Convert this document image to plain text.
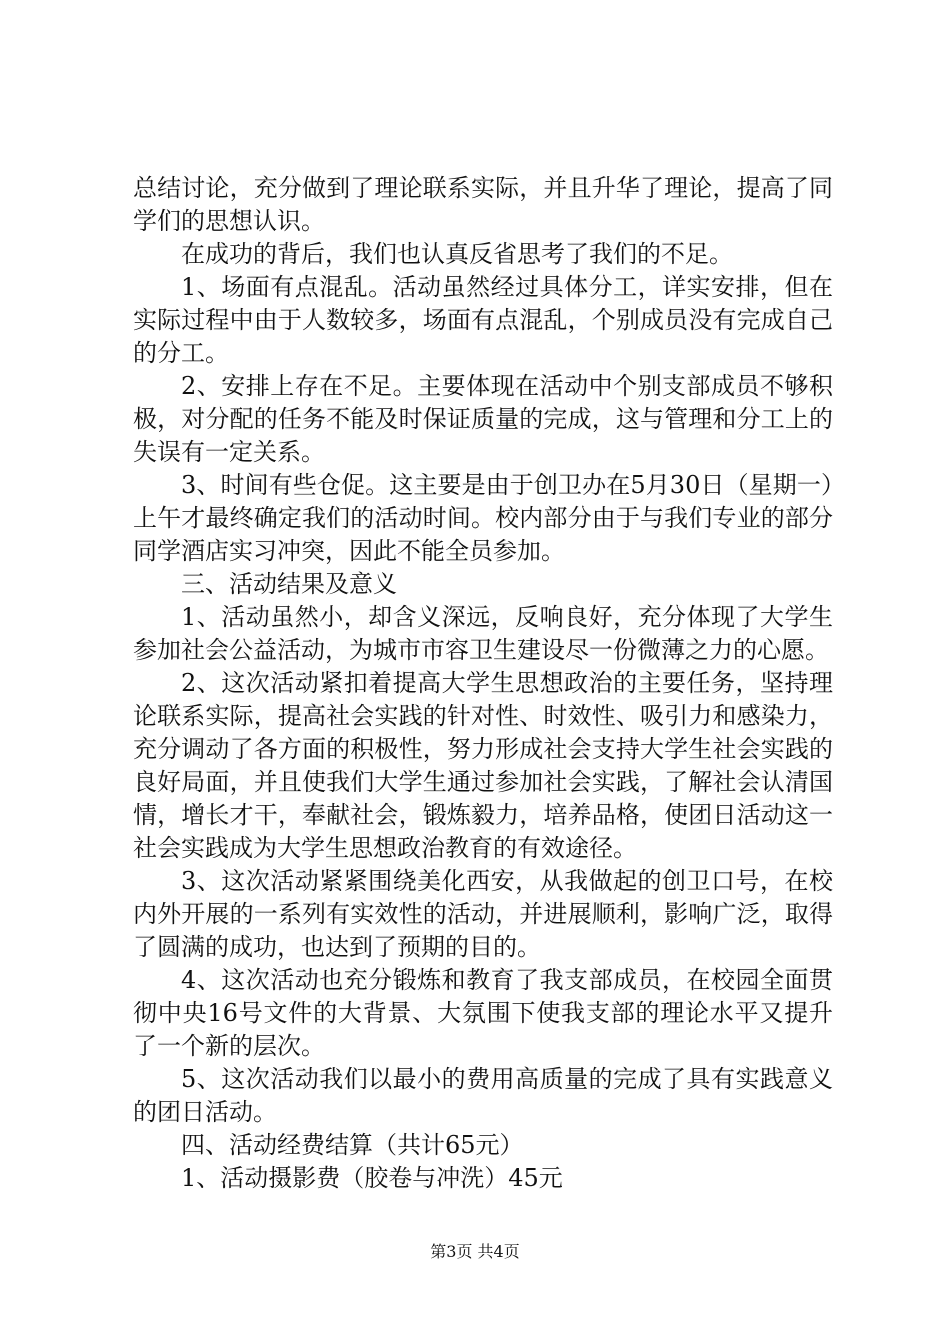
总结讨论，充分做到了理论联系实际，并且升华了理论，提高了同学们的思想认识。

在成功的背后，我们也认真反省思考了我们的不足。

1、场面有点混乱。活动虽然经过具体分工，详实安排，但在实际过程中由于人数较多，场面有点混乱，个别成员没有完成自己的分工。

2、安排上存在不足。主要体现在活动中个别支部成员不够积极，对分配的任务不能及时保证质量的完成，这与管理和分工上的失误有一定关系。

3、时间有些仓促。这主要是由于创卫办在5月30日（星期一）上午才最终确定我们的活动时间。校内部分由于与我们专业的部分同学酒店实习冲突，因此不能全员参加。

三、活动结果及意义

1、活动虽然小，却含义深远，反响良好，充分体现了大学生参加社会公益活动，为城市市容卫生建设尽一份微薄之力的心愿。

2、这次活动紧扣着提高大学生思想政治的主要任务，坚持理论联系实际，提高社会实践的针对性、时效性、吸引力和感染力，充分调动了各方面的积极性，努力形成社会支持大学生社会实践的良好局面，并且使我们大学生通过参加社会实践，了解社会认清国情，增长才干，奉献社会，锻炼毅力，培养品格，使团日活动这一社会实践成为大学生思想政治教育的有效途径。

3、这次活动紧紧围绕美化西安，从我做起的创卫口号，在校内外开展的一系列有实效性的活动，并进展顺利，影响广泛，取得了圆满的成功，也达到了预期的目的。

4、这次活动也充分锻炼和教育了我支部成员，在校园全面贯彻中央16号文件的大背景、大氛围下使我支部的理论水平又提升了一个新的层次。

5、这次活动我们以最小的费用高质量的完成了具有实践意义的团日活动。

四、活动经费结算（共计65元）

1、活动摄影费（胶卷与冲洗）45元

第3页 共4页
